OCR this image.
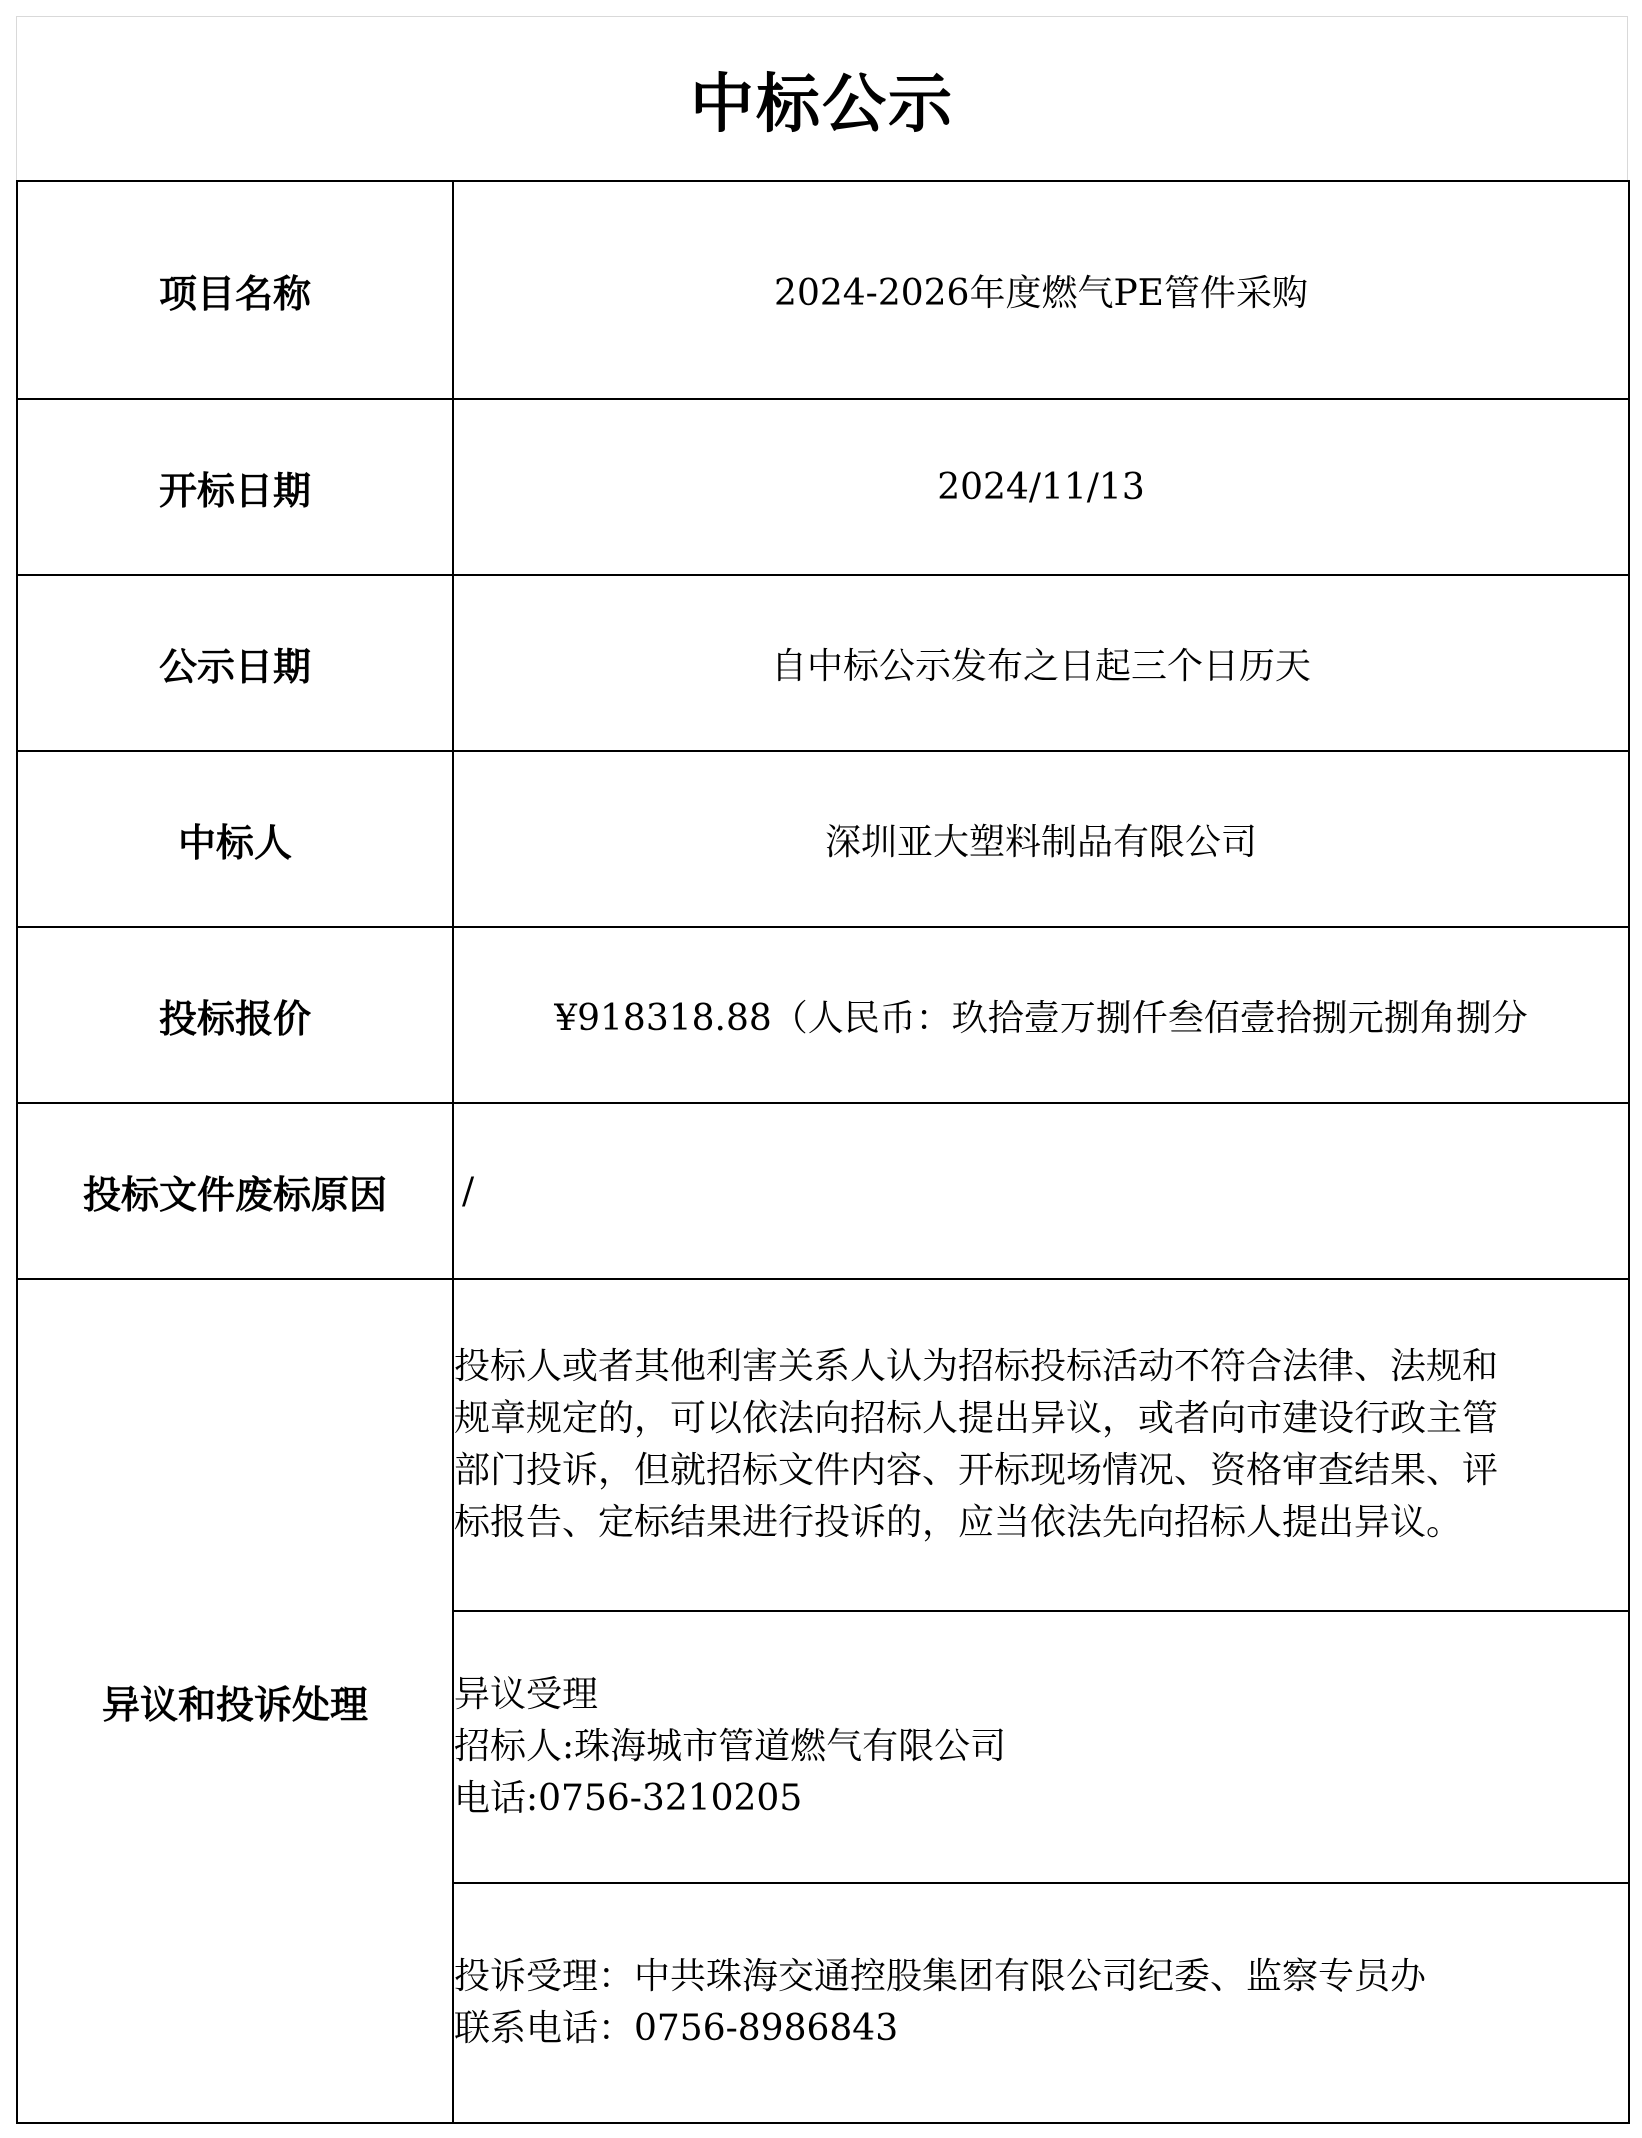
中标公示
项目名称	2024-2026年度燃气PE管件采购
开标日期	2024/11/13
公示日期	自中标公示发布之日起三个日历天
中标人	深圳亚大塑料制品有限公司
投标报价	¥918318.88（人民币：玖拾壹万捌仟叁佰壹拾捌元捌角捌分
投标文件废标原因	/
异议和投诉处理	投标人或者其他利害关系人认为招标投标活动不符合法律、法规和
规章规定的，可以依法向招标人提出异议，或者向市建设行政主管
部门投诉，但就招标文件内容、开标现场情况、资格审查结果、评
标报告、定标结果进行投诉的，应当依法先向招标人提出异议。

	异议受理
招标人:珠海城市管道燃气有限公司
电话:0756-3210205

	投诉受理：中共珠海交通控股集团有限公司纪委、监察专员办
联系电话：0756-8986843
